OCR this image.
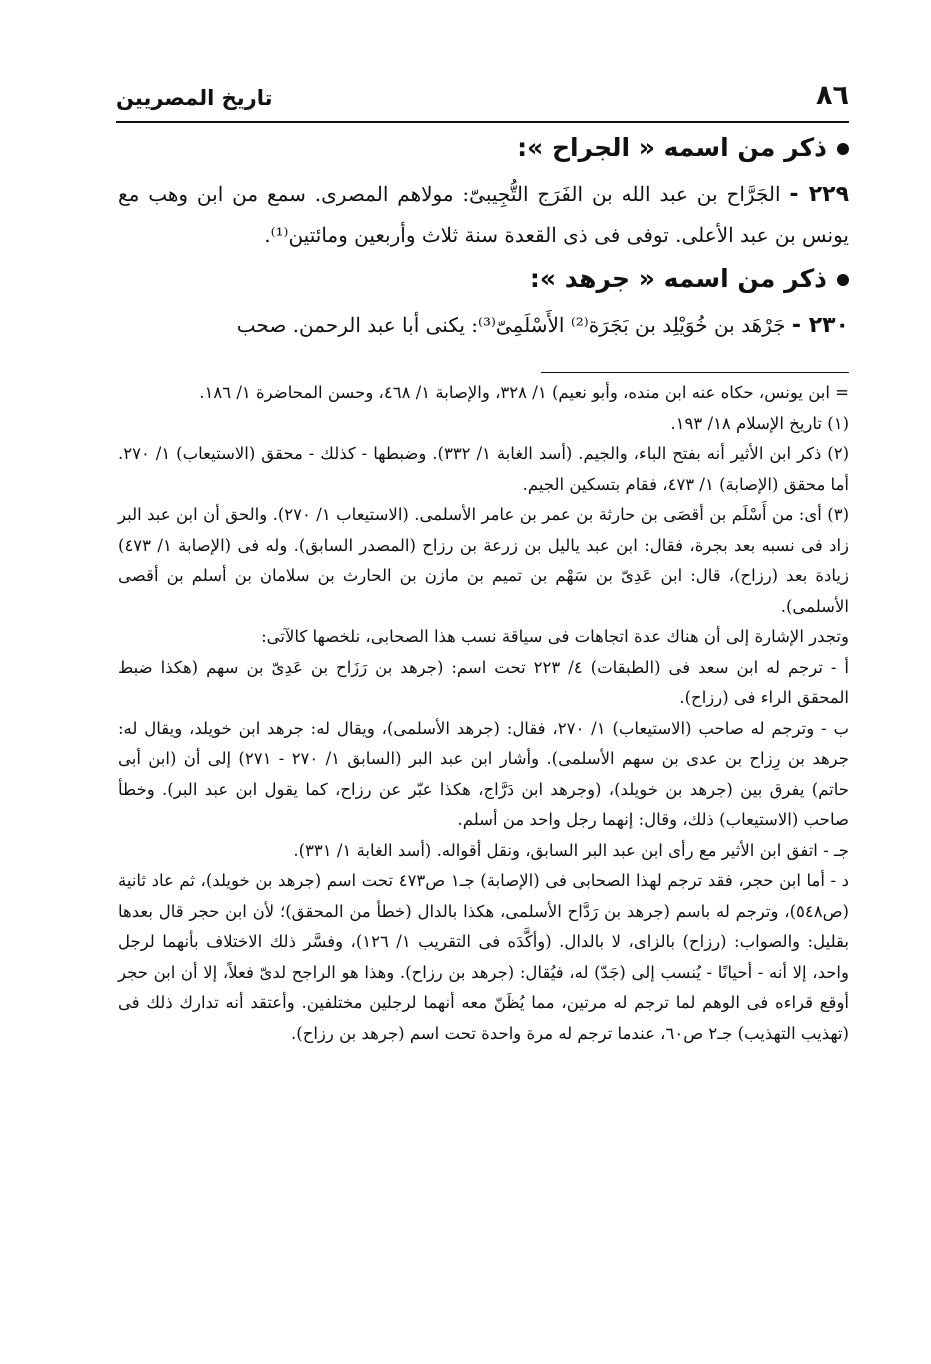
٨٦
تاريخ المصريين
ذكر من اسمه « الجراح »:

٢٢٩ - الجَرَّاح بن عبد الله بن الفَرَج التُّجِيبىّ: مولاهم المصرى. سمع من ابن وهب مع يونس بن عبد الأعلى. توفى فى ذى القعدة سنة ثلاث وأربعين ومائتين⁽¹⁾.

ذكر من اسمه « جرهد »:

٢٣٠ - جَرْهَد بن خُوَيْلِد بن بَجَرَة⁽²⁾ الأَسْلَمِىّ⁽³⁾: يكنى أبا عبد الرحمن. صحب

= ابن يونس، حكاه عنه ابن منده، وأبو نعيم) ١/ ٣٢٨، والإصابة ١/ ٤٦٨، وحسن المحاضرة ١/ ١٨٦.

(١) تاريخ الإسلام ١٨/ ١٩٣.

(٢) ذكر ابن الأثير أنه بفتح الباء، والجيم. (أسد الغابة ١/ ٣٣٢). وضبطها - كذلك - محقق (الاستيعاب) ١/ ٢٧٠. أما محقق (الإصابة) ١/ ٤٧٣، فقام بتسكين الجيم.

(٣) أى: من أَسْلَم بن أقصَى بن حارثة بن عمر بن عامر الأسلمى. (الاستيعاب ١/ ٢٧٠). والحق أن ابن عبد البر زاد فى نسبه بعد بجرة، فقال: ابن عبد ياليل بن زرعة بن رزاح (المصدر السابق). وله فى (الإصابة ١/ ٤٧٣) زيادة بعد (رزاح)، قال: ابن عَدِىّ بن سَهْم بن تميم بن مازن بن الحارث بن سلامان بن أسلم بن أقصى الأسلمى).

وتجدر الإشارة إلى أن هناك عدة اتجاهات فى سياقة نسب هذا الصحابى، نلخصها كالآتى:

أ - ترجم له ابن سعد فى (الطبقات) ٤/ ٢٢٣ تحت اسم: (جرهد بن رَزَاح بن عَدِىّ بن سهم (هكذا ضبط المحقق الراء فى (رزاح).

ب - وترجم له صاحب (الاستيعاب) ١/ ٢٧٠، فقال: (جرهد الأسلمى)، ويقال له: جرهد ابن خويلد، ويقال له: جرهد بن رِزاح بن عدى بن سهم الأسلمى). وأشار ابن عبد البر (السابق ١/ ٢٧٠ - ٢٧١) إلى أن (ابن أبى حاتم) يفرق بين (جرهد بن خويلد)، (وجرهد ابن دَرَّاج، هكذا عبّر عن رزاح، كما يقول ابن عبد البر). وخطأ صاحب (الاستيعاب) ذلك، وقال: إنهما رجل واحد من أسلم.

جـ - اتفق ابن الأثير مع رأى ابن عبد البر السابق، ونقل أقواله. (أسد الغابة ١/ ٣٣١).

د - أما ابن حجر، فقد ترجم لهذا الصحابى فى (الإصابة) جـ١ ص٤٧٣ تحت اسم (جرهد بن خويلد)، ثم عاد ثانية (ص٥٤٨)، وترجم له باسم (جرهد بن رَدَّاح الأسلمى، هكذا بالدال (خطأ من المحقق)؛ لأن ابن حجر قال بعدها بقليل: والصواب: (رزاح) بالزاى، لا بالدال. (وأكَّدَه فى التقريب ١/ ١٢٦)، وفسَّر ذلك الاختلاف بأنهما لرجل واحد، إلا أنه - أحيانًا - يُنسب إلى (جَدّ) له، فيُقال: (جرهد بن رزاح). وهذا هو الراجح لدىّ فعلاً، إلا أن ابن حجر أوقع قراءه فى الوهم لما ترجم له مرتين، مما يُظَنّ معه أنهما لرجلين مختلفين. وأعتقد أنه تدارك ذلك فى (تهذيب التهذيب) جـ٢ ص٦٠، عندما ترجم له مرة واحدة تحت اسم (جرهد بن رزاح).
